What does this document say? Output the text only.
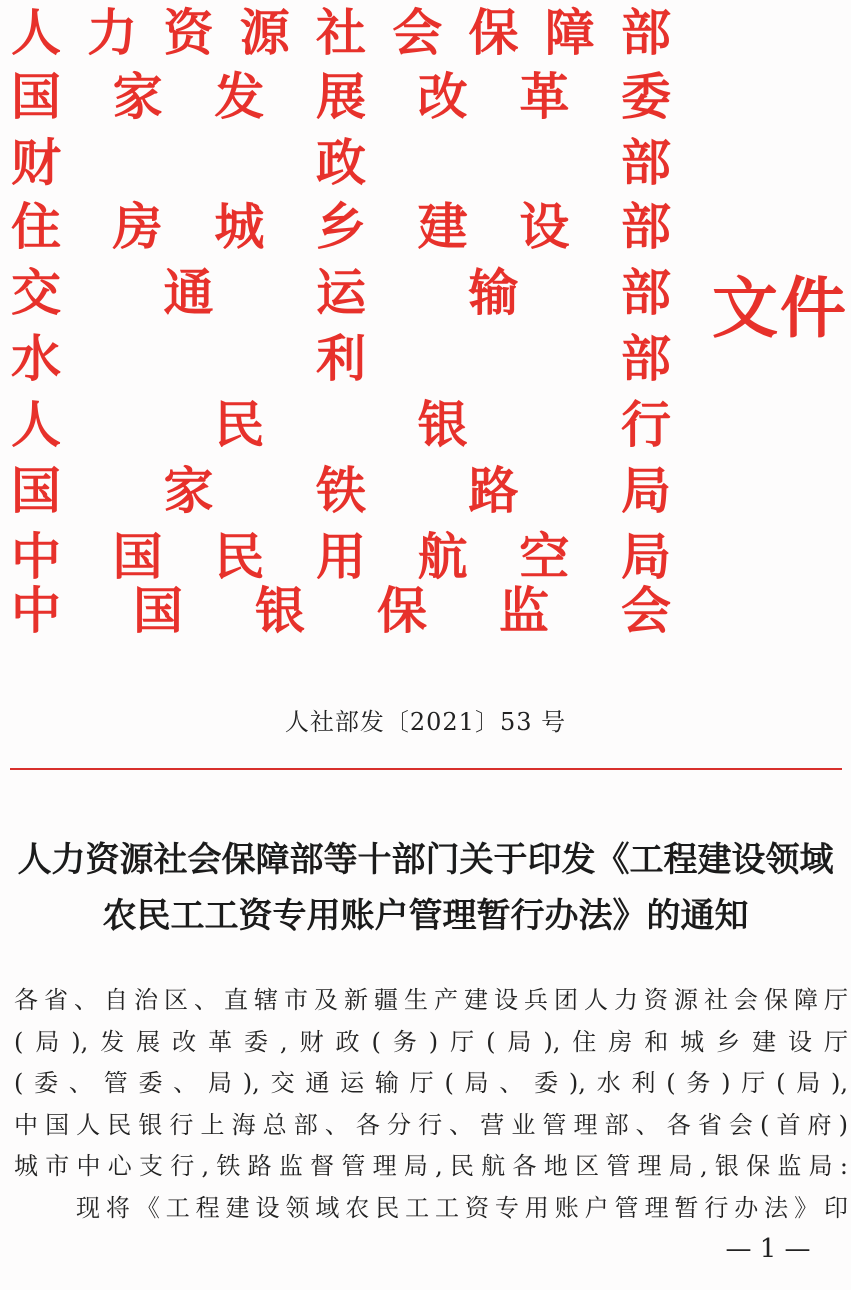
人 力 资 源 社 会 保 障 部
国 家 发 展 改 革 委
财	政	部
住 房 城 乡 建 设 部
交 通 运 输 部
水	利	部
人	民	银	行
国 家 铁 路 局
中 国 民 用 航 空 局
中 国 银 保 监 会
文件
人社部发〔2021〕53 号
人力资源社会保障部等十部门关于印发《工程建设领域
农民工工资专用账户管理暂行办法》的通知
各省、自治区、直辖市及新疆生产建设兵团人力资源社会保障厅
(局),发展改革委,财政(务)厅(局),住房和城乡建设厅
(委、管委、局),交通运输厅(局、委),水利(务)厅(局),
中国人民银行上海总部、各分行、营业管理部、各省会(首府)
城市中心支行,铁路监督管理局,民航各地区管理局,银保监局:
现将《工程建设领域农民工工资专用账户管理暂行办法》印
— 1 —
